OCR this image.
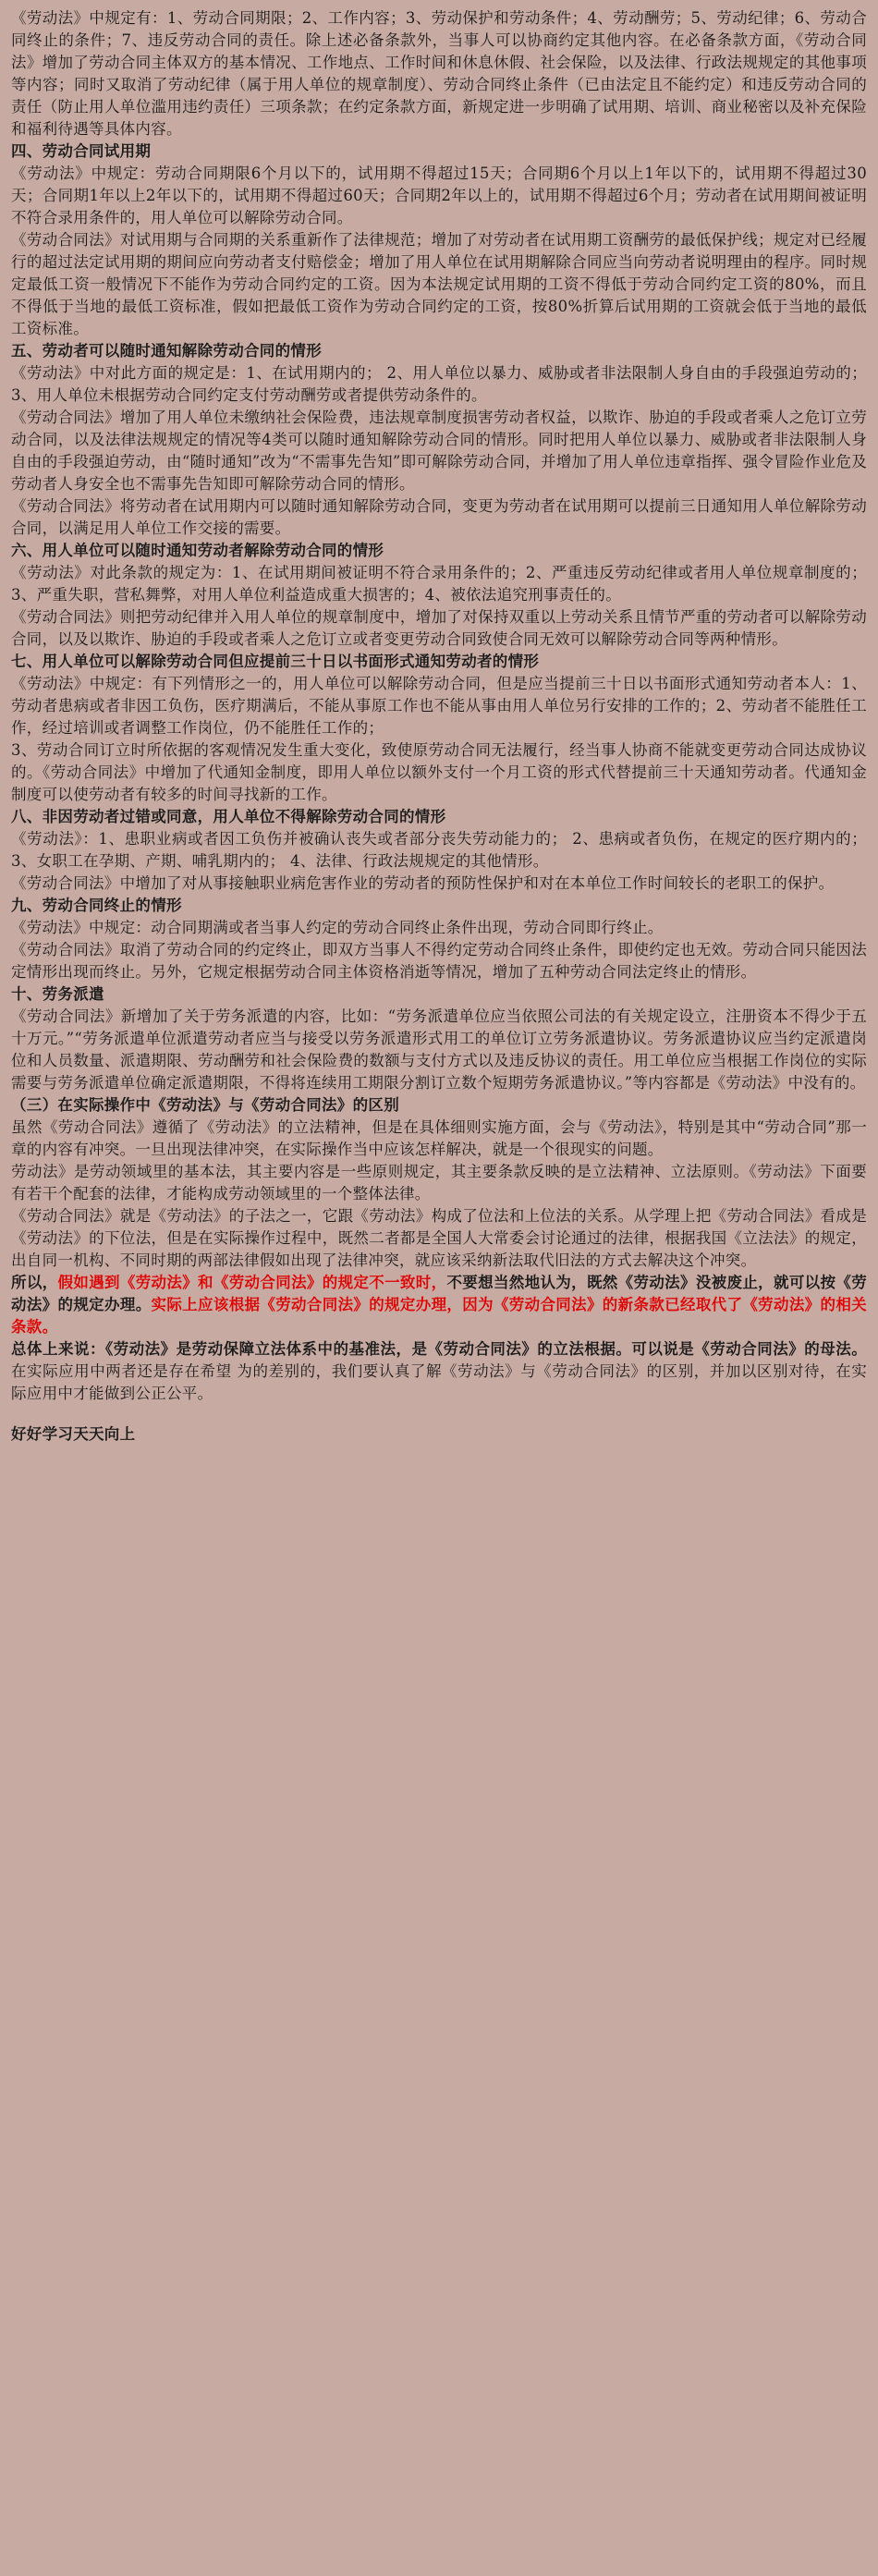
《劳动法》中规定有：1、劳动合同期限；2、工作内容；3、劳动保护和劳动条件；4、劳动酬劳；5、劳动纪律；6、劳动合同终止的条件；7、违反劳动合同的责任。除上述必备条款外，当事人可以协商约定其他内容。在必备条款方面，《劳动合同法》增加了劳动合同主体双方的基本情况、工作地点、工作时间和休息休假、社会保险，以及法律、行政法规规定的其他事项等内容；同时又取消了劳动纪律（属于用人单位的规章制度）、劳动合同终止条件（已由法定且不能约定）和违反劳动合同的责任（防止用人单位滥用违约责任）三项条款；在约定条款方面，新规定进一步明确了试用期、培训、商业秘密以及补充保险和福利待遇等具体内容。

四、劳动合同试用期

《劳动法》中规定：劳动合同期限6个月以下的，试用期不得超过15天；合同期6个月以上1年以下的，试用期不得超过30天；合同期1年以上2年以下的，试用期不得超过60天；合同期2年以上的，试用期不得超过6个月；劳动者在试用期间被证明不符合录用条件的，用人单位可以解除劳动合同。

《劳动合同法》对试用期与合同期的关系重新作了法律规范；增加了对劳动者在试用期工资酬劳的最低保护线；规定对已经履行的超过法定试用期的期间应向劳动者支付赔偿金；增加了用人单位在试用期解除合同应当向劳动者说明理由的程序。同时规定最低工资一般情况下不能作为劳动合同约定的工资。因为本法规定试用期的工资不得低于劳动合同约定工资的80%，而且不得低于当地的最低工资标准，假如把最低工资作为劳动合同约定的工资，按80%折算后试用期的工资就会低于当地的最低工资标准。

五、劳动者可以随时通知解除劳动合同的情形

《劳动法》中对此方面的规定是：1、在试用期内的； 2、用人单位以暴力、威胁或者非法限制人身自由的手段强迫劳动的； 3、用人单位未根据劳动合同约定支付劳动酬劳或者提供劳动条件的。

《劳动合同法》增加了用人单位未缴纳社会保险费，违法规章制度损害劳动者权益，以欺诈、胁迫的手段或者乘人之危订立劳动合同，以及法律法规规定的情况等4类可以随时通知解除劳动合同的情形。同时把用人单位以暴力、威胁或者非法限制人身自由的手段强迫劳动，由“随时通知”改为“不需事先告知”即可解除劳动合同，并增加了用人单位违章指挥、强令冒险作业危及劳动者人身安全也不需事先告知即可解除劳动合同的情形。

《劳动合同法》将劳动者在试用期内可以随时通知解除劳动合同，变更为劳动者在试用期可以提前三日通知用人单位解除劳动合同，以满足用人单位工作交接的需要。

六、用人单位可以随时通知劳动者解除劳动合同的情形

《劳动法》对此条款的规定为：1、在试用期间被证明不符合录用条件的；2、严重违反劳动纪律或者用人单位规章制度的；3、严重失职，营私舞弊，对用人单位利益造成重大损害的；4、被依法追究刑事责任的。

《劳动合同法》则把劳动纪律并入用人单位的规章制度中，增加了对保持双重以上劳动关系且情节严重的劳动者可以解除劳动合同，以及以欺诈、胁迫的手段或者乘人之危订立或者变更劳动合同致使合同无效可以解除劳动合同等两种情形。

七、用人单位可以解除劳动合同但应提前三十日以书面形式通知劳动者的情形

《劳动法》中规定：有下列情形之一的，用人单位可以解除劳动合同，但是应当提前三十日以书面形式通知劳动者本人：1、劳动者患病或者非因工负伤，医疗期满后，不能从事原工作也不能从事由用人单位另行安排的工作的；2、劳动者不能胜任工作，经过培训或者调整工作岗位，仍不能胜任工作的；

3、劳动合同订立时所依据的客观情况发生重大变化，致使原劳动合同无法履行，经当事人协商不能就变更劳动合同达成协议的。《劳动合同法》中增加了代通知金制度，即用人单位以额外支付一个月工资的形式代替提前三十天通知劳动者。代通知金制度可以使劳动者有较多的时间寻找新的工作。

八、非因劳动者过错或同意，用人单位不得解除劳动合同的情形

《劳动法》：1、患职业病或者因工负伤并被确认丧失或者部分丧失劳动能力的； 2、患病或者负伤，在规定的医疗期内的；3、女职工在孕期、产期、哺乳期内的； 4、法律、行政法规规定的其他情形。

《劳动合同法》中增加了对从事接触职业病危害作业的劳动者的预防性保护和对在本单位工作时间较长的老职工的保护。

九、劳动合同终止的情形

《劳动法》中规定：动合同期满或者当事人约定的劳动合同终止条件出现，劳动合同即行终止。

《劳动合同法》取消了劳动合同的约定终止，即双方当事人不得约定劳动合同终止条件，即使约定也无效。劳动合同只能因法定情形出现而终止。另外，它规定根据劳动合同主体资格消逝等情况，增加了五种劳动合同法定终止的情形。

十、劳务派遣

《劳动合同法》新增加了关于劳务派遣的内容，比如：“劳务派遣单位应当依照公司法的有关规定设立，注册资本不得少于五十万元。”“劳务派遣单位派遣劳动者应当与接受以劳务派遣形式用工的单位订立劳务派遣协议。劳务派遣协议应当约定派遣岗位和人员数量、派遣期限、劳动酬劳和社会保险费的数额与支付方式以及违反协议的责任。用工单位应当根据工作岗位的实际需要与劳务派遣单位确定派遣期限，不得将连续用工期限分割订立数个短期劳务派遣协议。”等内容都是《劳动法》中没有的。

（三）在实际操作中《劳动法》与《劳动合同法》的区别

虽然《劳动合同法》遵循了《劳动法》的立法精神，但是在具体细则实施方面，会与《劳动法》，特别是其中“劳动合同”那一章的内容有冲突。一旦出现法律冲突，在实际操作当中应该怎样解决，就是一个很现实的问题。

劳动法》是劳动领域里的基本法，其主要内容是一些原则规定，其主要条款反映的是立法精神、立法原则。《劳动法》下面要有若干个配套的法律，才能构成劳动领域里的一个整体法律。

《劳动合同法》就是《劳动法》的子法之一，它跟《劳动法》构成了位法和上位法的关系。从学理上把《劳动合同法》看成是《劳动法》的下位法，但是在实际操作过程中，既然二者都是全国人大常委会讨论通过的法律，根据我国《立法法》的规定，出自同一机构、不同时期的两部法律假如出现了法律冲突，就应该采纳新法取代旧法的方式去解决这个冲突。

所以，假如遇到《劳动法》和《劳动合同法》的规定不一致时，不要想当然地认为，既然《劳动法》没被废止，就可以按《劳动法》的规定办理。实际上应该根据《劳动合同法》的规定办理，因为《劳动合同法》的新条款已经取代了《劳动法》的相关条款。

总体上来说：《劳动法》是劳动保障立法体系中的基准法，是《劳动合同法》的立法根据。可以说是《劳动合同法》的母法。在实际应用中两者还是存在希望 为的差别的，我们要认真了解《劳动法》与《劳动合同法》的区别，并加以区别对待，在实际应用中才能做到公正公平。

好好学习天天向上
